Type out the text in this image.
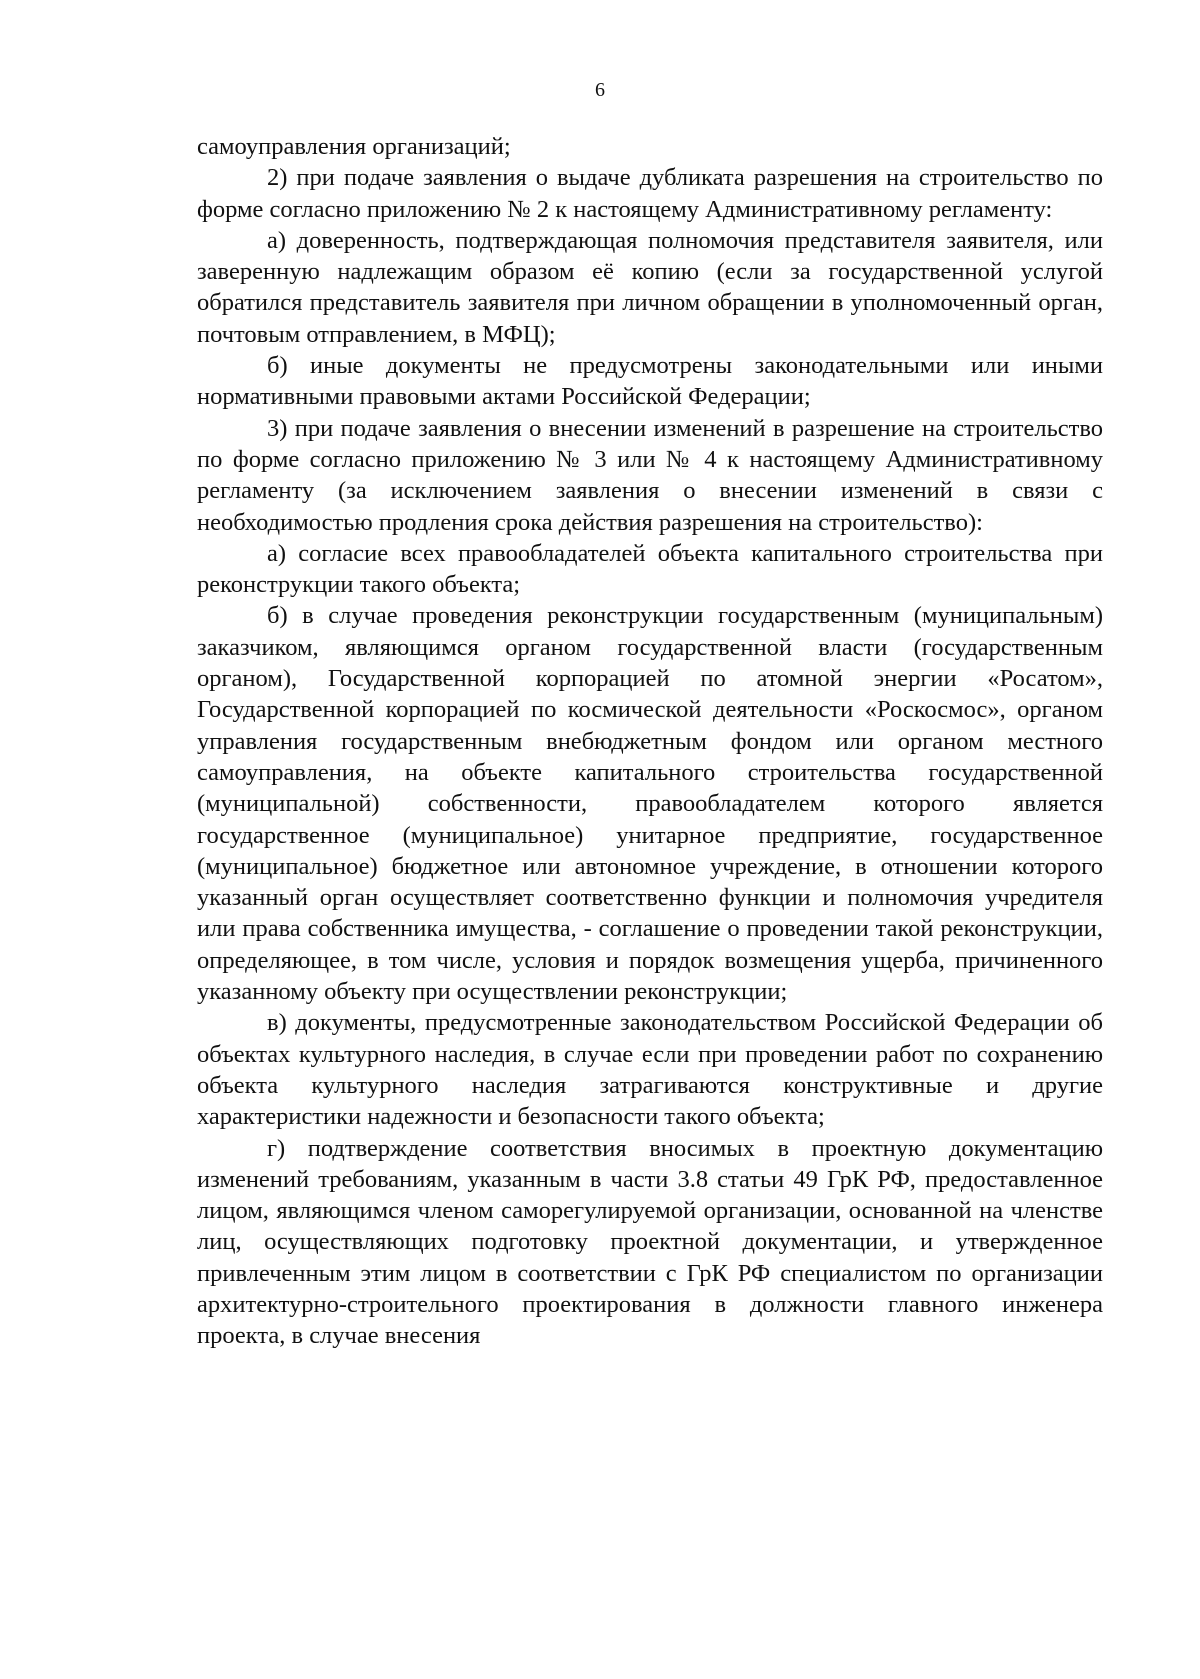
6

самоуправления организаций;

2) при подаче заявления о выдаче дубликата разрешения на строительство по форме согласно приложению № 2 к настоящему Административному регламенту:

а) доверенность, подтверждающая полномочия представителя заявителя, или заверенную надлежащим образом её копию (если за государственной услугой обратился представитель заявителя при личном обращении в уполномоченный орган, почтовым отправлением, в МФЦ);

б) иные документы не предусмотрены законодательными или иными нормативными правовыми актами Российской Федерации;

3) при подаче заявления о внесении изменений в разрешение на строительство по форме согласно приложению № 3 или № 4 к настоящему Административному регламенту (за исключением заявления о внесении изменений в связи с необходимостью продления срока действия разрешения на строительство):

а) согласие всех правообладателей объекта капитального строительства при реконструкции такого объекта;

б) в случае проведения реконструкции государственным (муниципальным) заказчиком, являющимся органом государственной власти (государственным органом), Государственной корпорацией по атомной энергии «Росатом», Государственной корпорацией по космической деятельности «Роскосмос», органом управления государственным внебюджетным фондом или органом местного самоуправления, на объекте капитального строительства государственной (муниципальной) собственности, правообладателем которого является государственное (муниципальное) унитарное предприятие, государственное (муниципальное) бюджетное или автономное учреждение, в отношении которого указанный орган осуществляет соответственно функции и полномочия учредителя или права собственника имущества, - соглашение о проведении такой реконструкции, определяющее, в том числе, условия и порядок возмещения ущерба, причиненного указанному объекту при осуществлении реконструкции;

в) документы, предусмотренные законодательством Российской Федерации об объектах культурного наследия, в случае если при проведении работ по сохранению объекта культурного наследия затрагиваются конструктивные и другие характеристики надежности и безопасности такого объекта;

г) подтверждение соответствия вносимых в проектную документацию изменений требованиям, указанным в части 3.8 статьи 49 ГрК РФ, предоставленное лицом, являющимся членом саморегулируемой организации, основанной на членстве лиц, осуществляющих подготовку проектной документации, и утвержденное привлеченным этим лицом в соответствии с ГрК РФ специалистом по организации архитектурно-строительного проектирования в должности главного инженера проекта, в случае внесения
